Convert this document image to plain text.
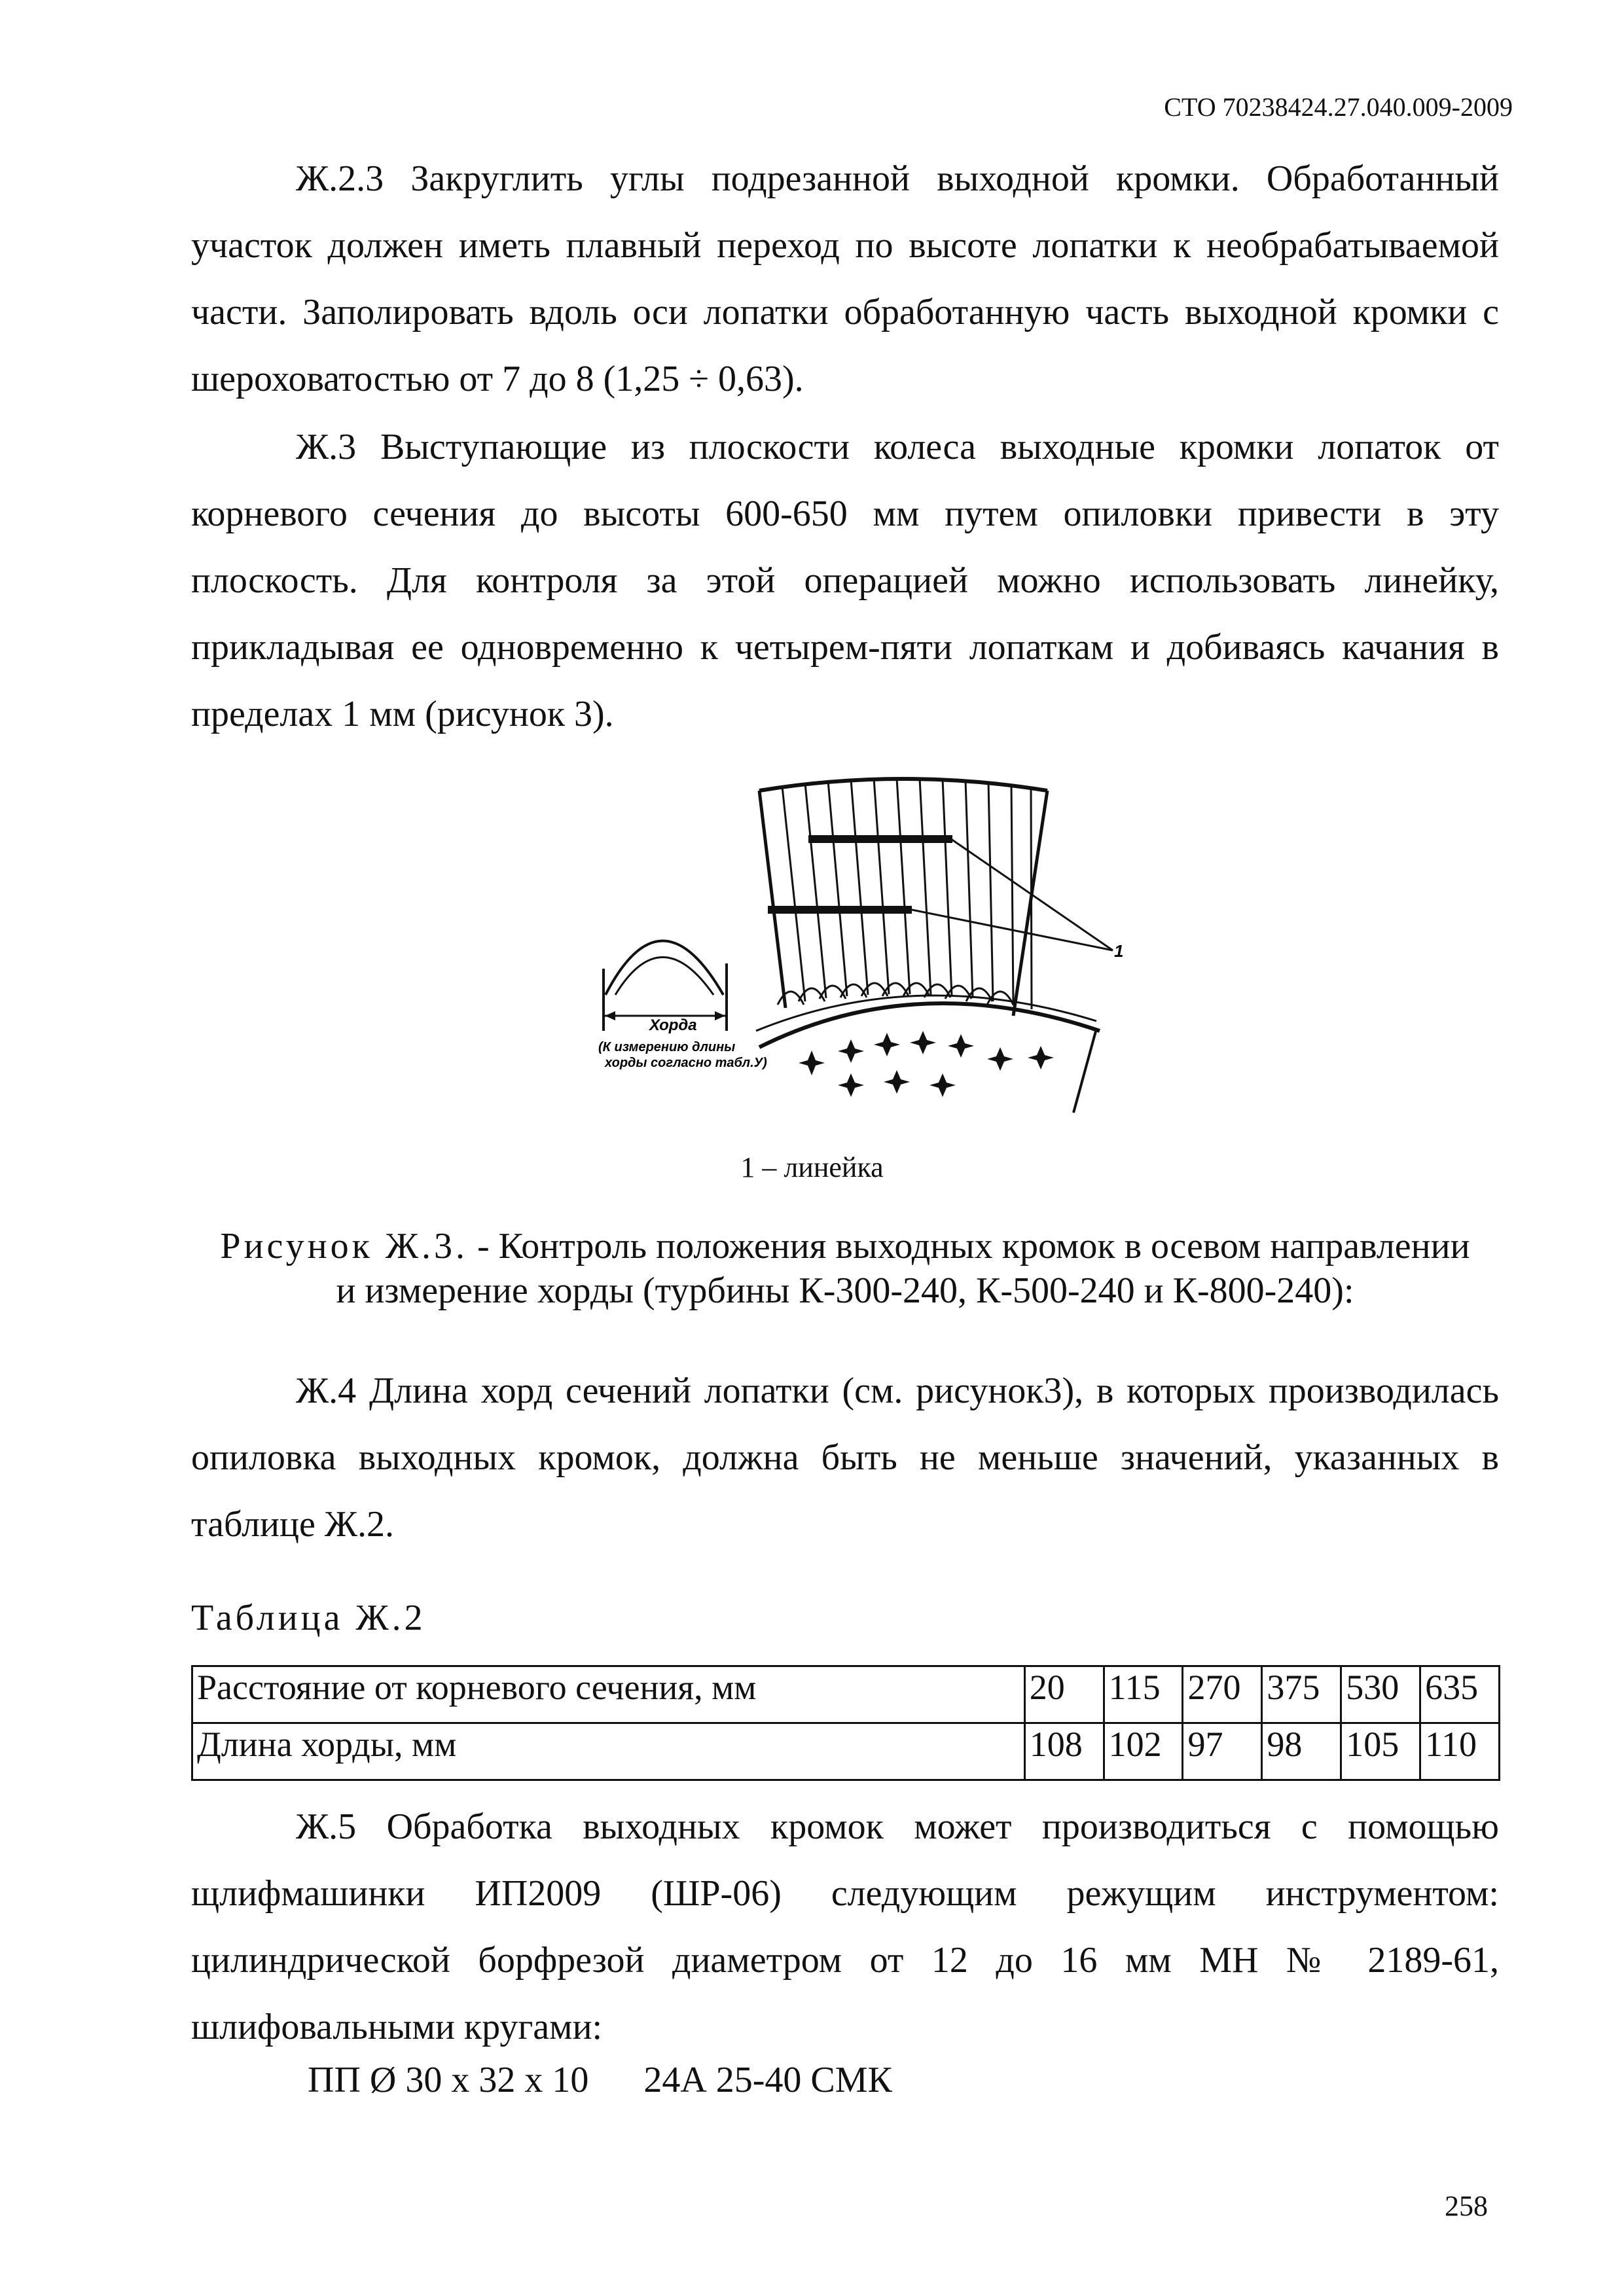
СТО 70238424.27.040.009-2009

Ж.2.3 Закруглить углы подрезанной выходной кромки. Обработанный участок должен иметь плавный переход по высоте лопатки к необрабатываемой части. Заполировать вдоль оси лопатки обработанную часть выходной кромки с шероховатостью от 7 до 8 (1,25 ÷ 0,63).

Ж.3 Выступающие из плоскости колеса выходные кромки лопаток от корневого сечения до высоты 600-650 мм путем опиловки привести в эту плоскость. Для контроля за этой операцией можно использовать линейку, прикладывая ее одновременно к четырем-пяти лопаткам и добиваясь качания в пределах 1 мм (рисунок 3).

Хорда
(К измерению длины
хорды согласно табл.У)
1
1 – линейка
Рисунок Ж.3. - Контроль положения выходных кромок в осевом направлении
и измерение хорды (турбины К-300-240, К-500-240 и К-800-240):

Ж.4 Длина хорд сечений лопатки (см. рисунок3), в которых производилась опиловка выходных кромок, должна быть не меньше значений, указанных в таблице Ж.2.

Таблица Ж.2
Расстояние от корневого сечения, мм	20	115	270	375	530	635
Длина хорды, мм	108	102	97	98	105	110

Ж.5 Обработка выходных кромок может производиться с помощью щлифмашинки ИП2009 (ШР-06) следующим режущим инструментом: цилиндрической борфрезой диаметром от 12 до 16 мм МН № 2189-61, шлифовальными кругами:

ПП Ø 30 х 32 х 10      24А 25-40 СМК
258
